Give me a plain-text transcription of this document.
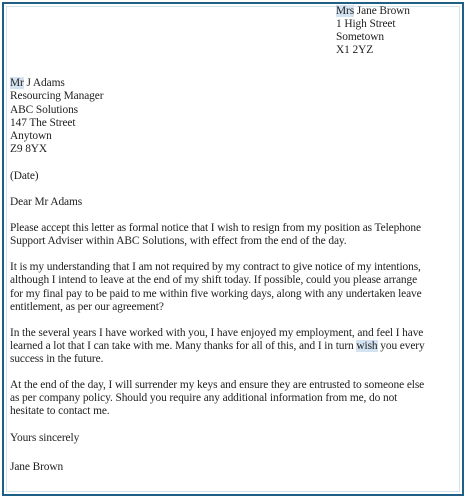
Mrs Jane Brown
1 High Street
Sometown
X1 2YZ
Mr J Adams
Resourcing Manager
ABC Solutions
147 The Street
Anytown
Z9 8YX
(Date)
Dear Mr Adams
Please accept this letter as formal notice that I wish to resign from my position as Telephone
Support Adviser within ABC Solutions, with effect from the end of the day.
It is my understanding that I am not required by my contract to give notice of my intentions,
although I intend to leave at the end of my shift today. If possible, could you please arrange
for my final pay to be paid to me within five working days, along with any undertaken leave
entitlement, as per our agreement?
In the several years I have worked with you, I have enjoyed my employment, and feel I have
learned a lot that I can take with me. Many thanks for all of this, and I in turn wish you every
success in the future.
At the end of the day, I will surrender my keys and ensure they are entrusted to someone else
as per company policy. Should you require any additional information from me, do not
hesitate to contact me.
Yours sincerely
Jane Brown
